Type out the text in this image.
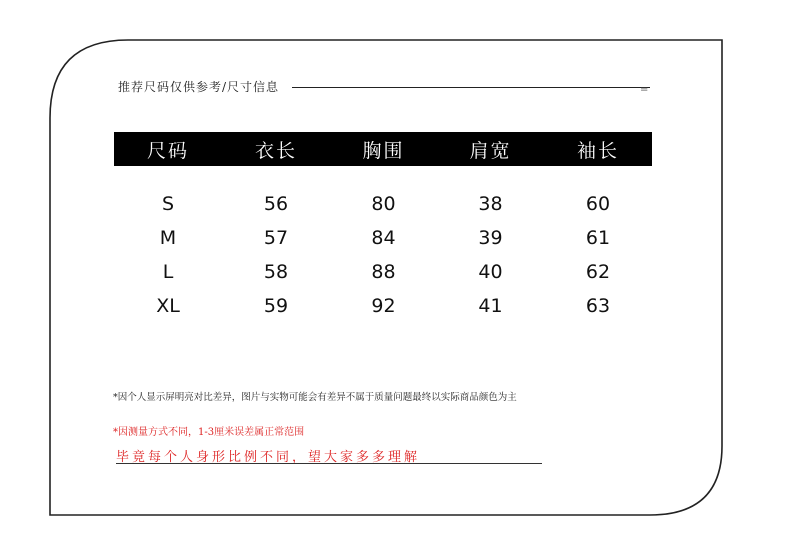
推荐尺码仅供参考/尺寸信息	=
尺码	衣长	胸围	肩宽	袖长
S	56	80	38	60
M	57	84	39	61
L	58	88	40	62
XL	59	92	41	63
*因个人显示屏明亮对比差异，图片与实物可能会有差异不属于质量问题最终以实际商品颜色为主
*因测量方式不同，1-3厘米误差属正常范围
毕竟每个人身形比例不同，望大家多多理解
